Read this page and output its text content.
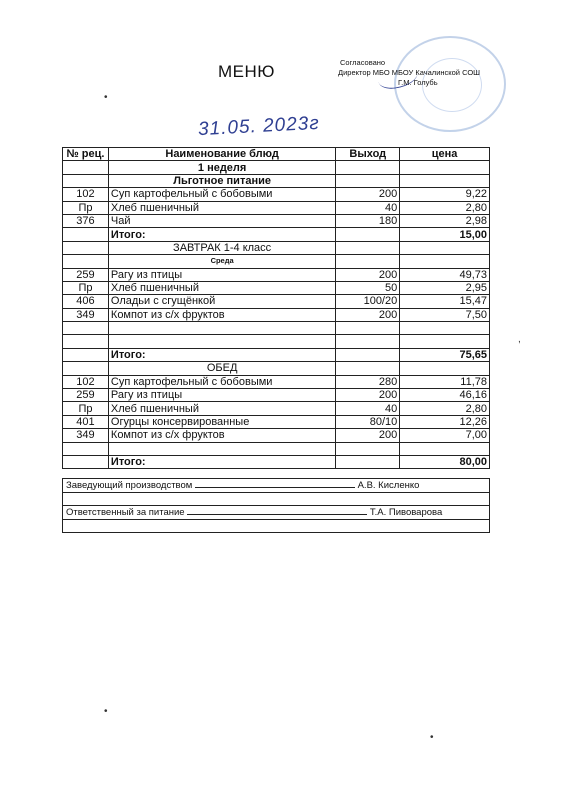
МЕНЮ	Согласовано
Директор МБО МБОУ Качалинской СОШ
Г.М. Голубь
31.05. 2023г
•
,
•
•
№ рец.	Наименование блюд	Выход	цена
	1 неделя		
	Льготное питание		
102	Суп картофельный с бобовыми	200	9,22
Пр	Хлеб пшеничный	40	2,80
376	Чай	180	2,98
	Итого:		15,00
	ЗАВТРАК 1-4 класс		
	Среда		
259	Рагу из птицы	200	49,73
Пр	Хлеб пшеничный	50	2,95
406	Оладьи с сгущёнкой	100/20	15,47
349	Компот из с/х фруктов	200	7,50

	Итого:		75,65
	ОБЕД		
102	Суп картофельный с бобовыми	280	11,78
259	Рагу из птицы	200	46,16
Пр	Хлеб пшеничный	40	2,80
401	Огурцы консервированные	80/10	12,26
349	Компот из с/х фруктов	200	7,00

	Итого:		80,00
Заведующий производством	А.В. Кисленко

Ответственный за питание	Т.А. Пивоварова
